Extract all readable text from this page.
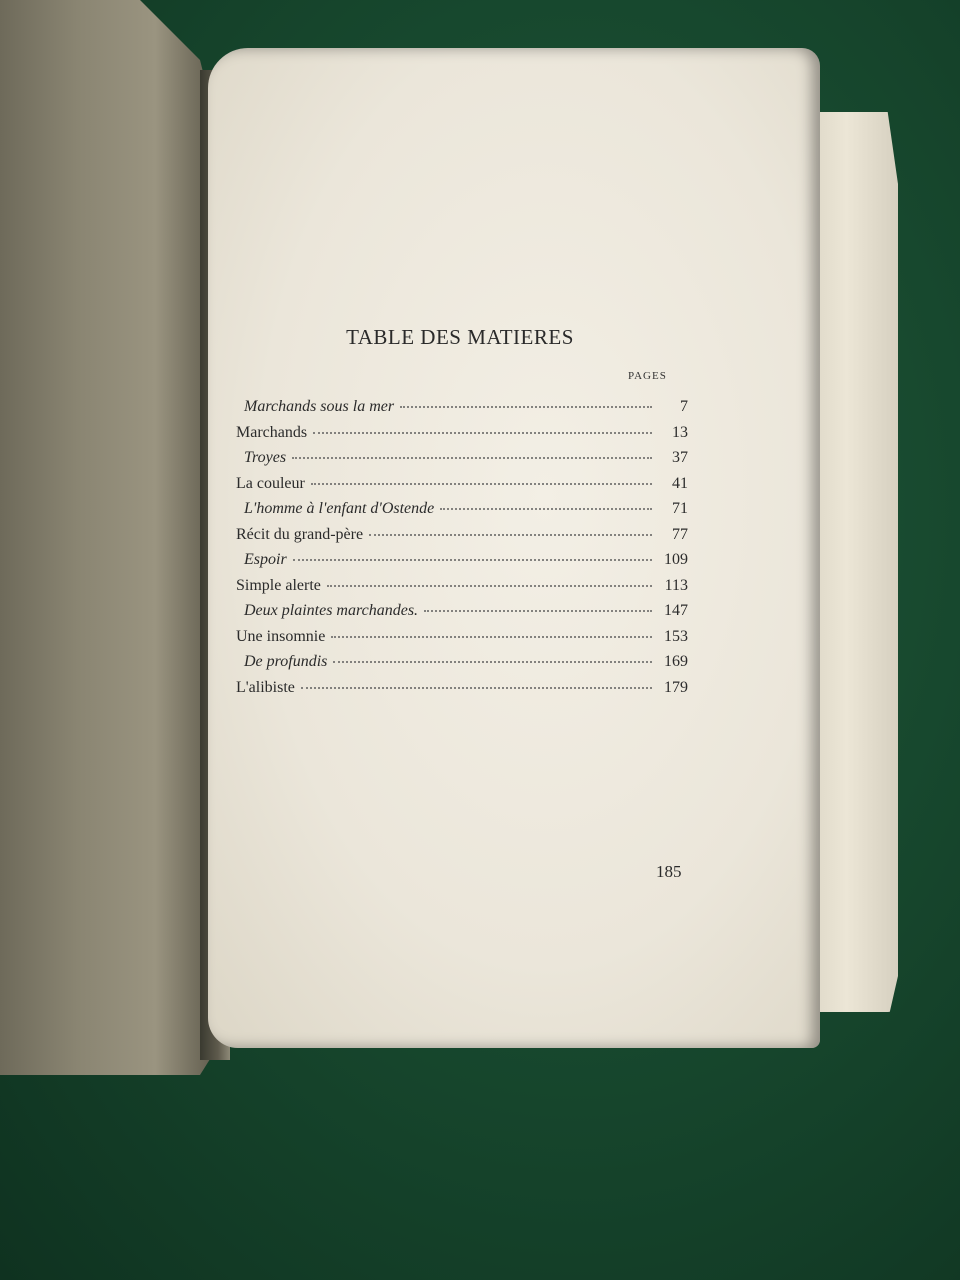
TABLE DES MATIERES
PAGES
Marchands sous la mer	7
Marchands	13
Troyes	37
La couleur	41
L'homme à l'enfant d'Ostende	71
Récit du grand-père	77
Espoir	109
Simple alerte	113
Deux plaintes marchandes.	147
Une insomnie	153
De profundis	169
L'alibiste	179
185
